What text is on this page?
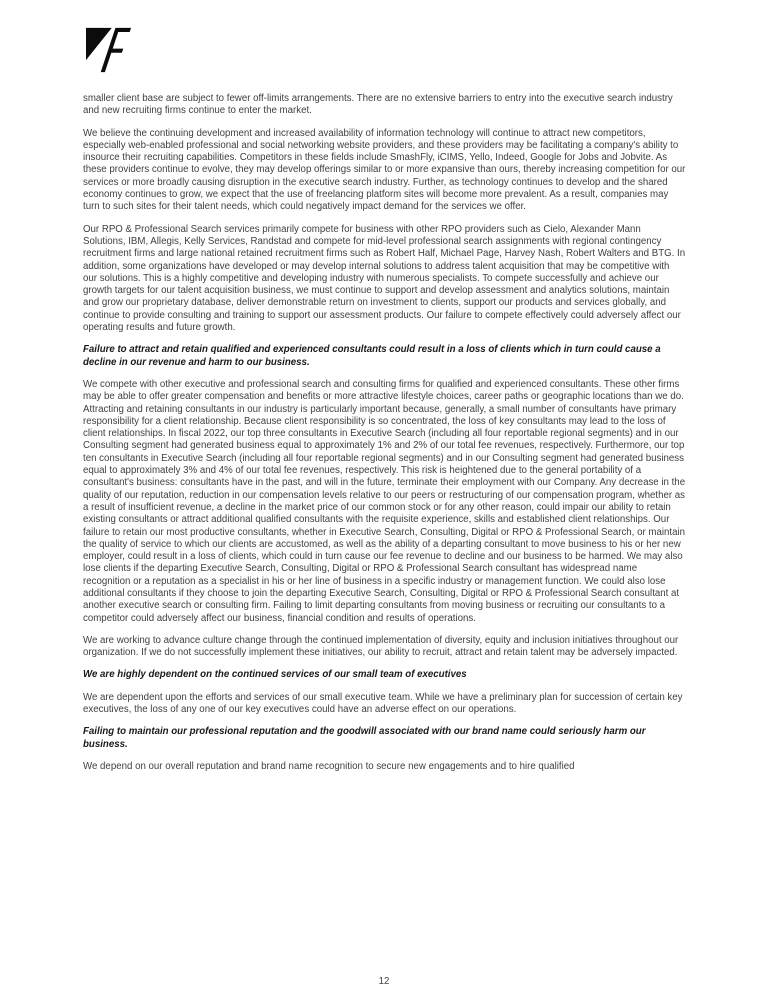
smaller client base are subject to fewer off-limits arrangements. There are no extensive barriers to entry into the executive search industry and new recruiting firms continue to enter the market.

We believe the continuing development and increased availability of information technology will continue to attract new competitors, especially web-enabled professional and social networking website providers, and these providers may be facilitating a company's ability to insource their recruiting capabilities. Competitors in these fields include SmashFly, iCIMS, Yello, Indeed, Google for Jobs and Jobvite. As these providers continue to evolve, they may develop offerings similar to or more expansive than ours, thereby increasing competition for our services or more broadly causing disruption in the executive search industry. Further, as technology continues to develop and the shared economy continues to grow, we expect that the use of freelancing platform sites will become more prevalent. As a result, companies may turn to such sites for their talent needs, which could negatively impact demand for the services we offer.

Our RPO & Professional Search services primarily compete for business with other RPO providers such as Cielo, Alexander Mann Solutions, IBM, Allegis, Kelly Services, Randstad and compete for mid-level professional search assignments with regional contingency recruitment firms and large national retained recruitment firms such as Robert Half, Michael Page, Harvey Nash, Robert Walters and BTG. In addition, some organizations have developed or may develop internal solutions to address talent acquisition that may be competitive with our solutions. This is a highly competitive and developing industry with numerous specialists. To compete successfully and achieve our growth targets for our talent acquisition business, we must continue to support and develop assessment and analytics solutions, maintain and grow our proprietary database, deliver demonstrable return on investment to clients, support our products and services globally, and continue to provide consulting and training to support our assessment products. Our failure to compete effectively could adversely affect our operating results and future growth.

Failure to attract and retain qualified and experienced consultants could result in a loss of clients which in turn could cause a decline in our revenue and harm to our business.

We compete with other executive and professional search and consulting firms for qualified and experienced consultants. These other firms may be able to offer greater compensation and benefits or more attractive lifestyle choices, career paths or geographic locations than we do. Attracting and retaining consultants in our industry is particularly important because, generally, a small number of consultants have primary responsibility for a client relationship. Because client responsibility is so concentrated, the loss of key consultants may lead to the loss of client relationships. In fiscal 2022, our top three consultants in Executive Search (including all four reportable regional segments) and in our Consulting segment had generated business equal to approximately 1% and 2% of our total fee revenues, respectively. Furthermore, our top ten consultants in Executive Search (including all four reportable regional segments) and in our Consulting segment had generated business equal to approximately 3% and 4% of our total fee revenues, respectively. This risk is heightened due to the general portability of a consultant's business: consultants have in the past, and will in the future, terminate their employment with our Company. Any decrease in the quality of our reputation, reduction in our compensation levels relative to our peers or restructuring of our compensation program, whether as a result of insufficient revenue, a decline in the market price of our common stock or for any other reason, could impair our ability to retain existing consultants or attract additional qualified consultants with the requisite experience, skills and established client relationships. Our failure to retain our most productive consultants, whether in Executive Search, Consulting, Digital or RPO & Professional Search, or maintain the quality of service to which our clients are accustomed, as well as the ability of a departing consultant to move business to his or her new employer, could result in a loss of clients, which could in turn cause our fee revenue to decline and our business to be harmed. We may also lose clients if the departing Executive Search, Consulting, Digital or RPO & Professional Search consultant has widespread name recognition or a reputation as a specialist in his or her line of business in a specific industry or management function. We could also lose additional consultants if they choose to join the departing Executive Search, Consulting, Digital or RPO & Professional Search consultant at another executive search or consulting firm. Failing to limit departing consultants from moving business or recruiting our consultants to a competitor could adversely affect our business, financial condition and results of operations.

We are working to advance culture change through the continued implementation of diversity, equity and inclusion initiatives throughout our organization. If we do not successfully implement these initiatives, our ability to recruit, attract and retain talent may be adversely impacted.

We are highly dependent on the continued services of our small team of executives

We are dependent upon the efforts and services of our small executive team. While we have a preliminary plan for succession of certain key executives, the loss of any one of our key executives could have an adverse effect on our operations.

Failing to maintain our professional reputation and the goodwill associated with our brand name could seriously harm our business.

We depend on our overall reputation and brand name recognition to secure new engagements and to hire qualified

12
